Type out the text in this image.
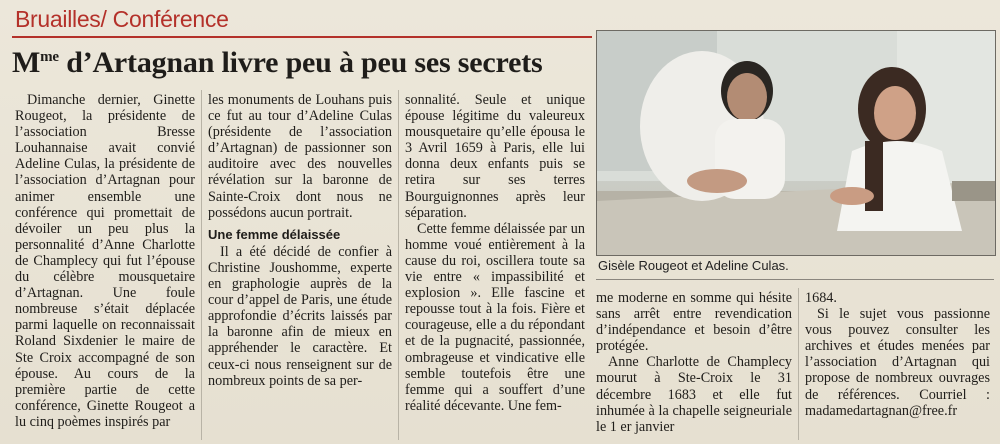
Bruailles/ Conférence
$M^{me}$ d’Artagnan livre peu à peu ses secrets

Dimanche dernier, Ginette Rougeot, la présidente de l’association Bresse Louhannaise avait convié Adeline Culas, la présidente de l’association d’Artagnan pour animer ensemble une conférence qui promettait de dévoiler un peu plus la personnalité d’Anne Charlotte de Champlecy qui fut l’épouse du célèbre mousquetaire d’Artagnan. Une foule nombreuse s’était déplacée parmi laquelle on reconnaissait Roland Sixdenier le maire de Ste Croix accompagné de son épouse. Au cours de la première partie de cette conférence, Ginette Rougeot a lu cinq poèmes inspirés par

les monuments de Louhans puis ce fut au tour d’Adeline Culas (présidente de l’association d’Artagnan) de passionner son auditoire avec des nouvelles révélation sur la baronne de Sainte-Croix dont nous ne possédons aucun portrait.

Une femme délaissée

Il a été décidé de confier à Christine Joushomme, experte en graphologie auprès de la cour d’appel de Paris, une étude approfondie d’écrits laissés par la baronne afin de mieux en appréhender le caractère. Et ceux-ci nous renseignent sur de nombreux points de sa per-

sonnalité. Seule et unique épouse légitime du valeureux mousquetaire qu’elle épousa le 3 Avril 1659 à Paris, elle lui donna deux enfants puis se retira sur ses terres Bourguignonnes après leur séparation.

Cette femme délaissée par un homme voué entièrement à la cause du roi, oscillera toute sa vie entre « impassibilité et explosion ». Elle fascine et repousse tout à la fois. Fière et courageuse, elle a du répondant et de la pugnacité, passionnée, ombrageuse et vindicative elle semble toutefois être une femme qui a souffert d’une réalité décevante. Une fem-

Gisèle Rougeot et Adeline Culas.

me moderne en somme qui hésite sans arrêt entre revendication d’indépendance et besoin d’être protégée.

Anne Charlotte de Champlecy mourut à Ste-Croix le 31 décembre 1683 et elle fut inhumée à la chapelle seigneuriale le 1 er janvier

1684.

Si le sujet vous passionne vous pouvez consulter les archives et études menées par l’association d’Artagnan qui propose de nombreux ouvrages de références. Courriel : madamedartagnan@free.fr
